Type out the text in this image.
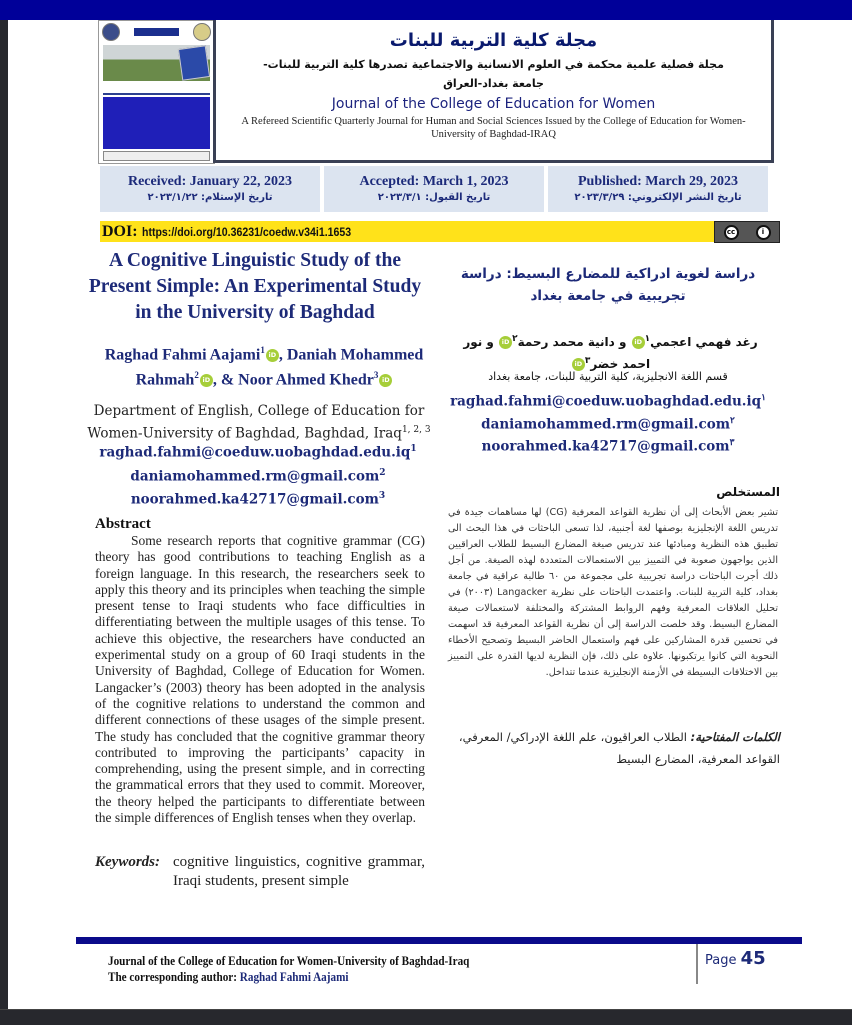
مجلة كلية التربية للبنات
مجلة فصلية علمية محكمة في العلوم الانسانية والاجتماعية تصدرها كلية التربية للبنات-
جامعة بغداد-العراق
Journal of the College of Education for Women
A Refereed Scientific Quarterly Journal for Human and Social Sciences Issued by the College of Education for Women-University of Baghdad-IRAQ
Received: January 22, 2023
تاريخ الإستلام: ٢٠٢٣/١/٢٢
Accepted: March 1, 2023
تاريخ القبول: ٢٠٢٣/٣/١
Published: March 29, 2023
تاريخ النشر الإلكتروني: ٢٠٢٣/٣/٢٩
DOI: https://doi.org/10.36231/coedw.v34i1.1653	cc	i
A Cognitive Linguistic Study of the Present Simple: An Experimental Study in the University of Baghdad
Raghad Fahmi Aajami$^1$iD , Daniah Mohammed Rahmah$^2$iD , & Noor Ahmed Khedr$^3$iD
Department of English, College of Education for Women-University of Baghdad, Baghdad, Iraq$^{1, 2, 3}$
$raghad.fahmi@coeduw.uobaghdad.edu.iq^1$
daniamohammed.rm@gmail.com$^2$
noorahmed.ka42717@gmail.com$^3$
Abstract
Some research reports that cognitive grammar (CG) theory has good contributions to teaching English as a foreign language. In this research, the researchers seek to apply this theory and its principles when teaching the simple present tense to Iraqi students who face difficulties in differentiating between the multiple usages of this tense. To achieve this objective, the researchers have conducted an experimental study on a group of 60 Iraqi students in the University of Baghdad, College of Education for Women. Langacker’s (2003) theory has been adopted in the analysis of the cognitive relations to understand the common and different connections of these usages of the simple present. The study has concluded that the cognitive grammar theory contributed to improving the participants’ capacity in comprehending, using the present simple, and in correcting the grammatical errors that they used to commit. Moreover, the theory helped the participants to differentiate between the simple differences of English tenses when they overlap.
Keywords: cognitive linguistics, cognitive grammar, Iraqi students, present simple
دراسة لغوية ادراكية للمضارع البسيط: دراسة تجريبية في جامعة بغداد
رغد فهمي اعجمي$^١$iD و دانية محمد رحمة$^٢$iD و نور احمد خضر$^٣$iD
قسم اللغة الانجليزية، كلية التربية للبنات، جامعة بغداد
$raghad.fahmi@coeduw.uobaghdad.edu.iq^١$
daniamohammed.rm@gmail.com$^٢$
noorahmed.ka42717@gmail.com$^٣$
المستخلص
تشير بعض الأبحاث إلى أن نظرية القواعد المعرفية (CG) لها مساهمات جيدة في تدريس اللغة الإنجليزية بوصفها لغة أجنبية، لذا تسعى الباحثات في هذا البحث الى تطبيق هذه النظرية ومبادئها عند تدريس صيغة المضارع البسيط للطلاب العراقيين الذين يواجهون صعوبة في التمييز بين الاستعمالات المتعددة لهذه الصيغة. من أجل ذلك أجرت الباحثات دراسة تجريبية على مجموعة من ٦٠ طالبة عراقية في جامعة بغداد، كلية التربية للبنات. واعتمدت الباحثات على نظرية Langacker (٢٠٠٣) في تحليل العلاقات المعرفية وفهم الروابط المشتركة والمختلفة لاستعمالات صيغة المضارع البسيط. وقد خلصت الدراسة إلى أن نظرية القواعد المعرفية قد اسهمت في تحسين قدرة المشاركين على فهم واستعمال الحاضر البسيط وتصحيح الأخطاء النحوية التي كانوا يرتكبونها. علاوة على ذلك، فإن النظرية لديها القدرة على التمييز بين الاختلافات البسيطة في الأزمنة الإنجليزية عندما تتداخل.
الكلمات المفتاحية: الطلاب العراقيون، علم اللغة الإدراكي/ المعرفي، القواعد المعرفية، المضارع البسيط
Journal of the College of Education for Women-University of Baghdad-Iraq
The corresponding author: Raghad Fahmi Aajami
Page 45
